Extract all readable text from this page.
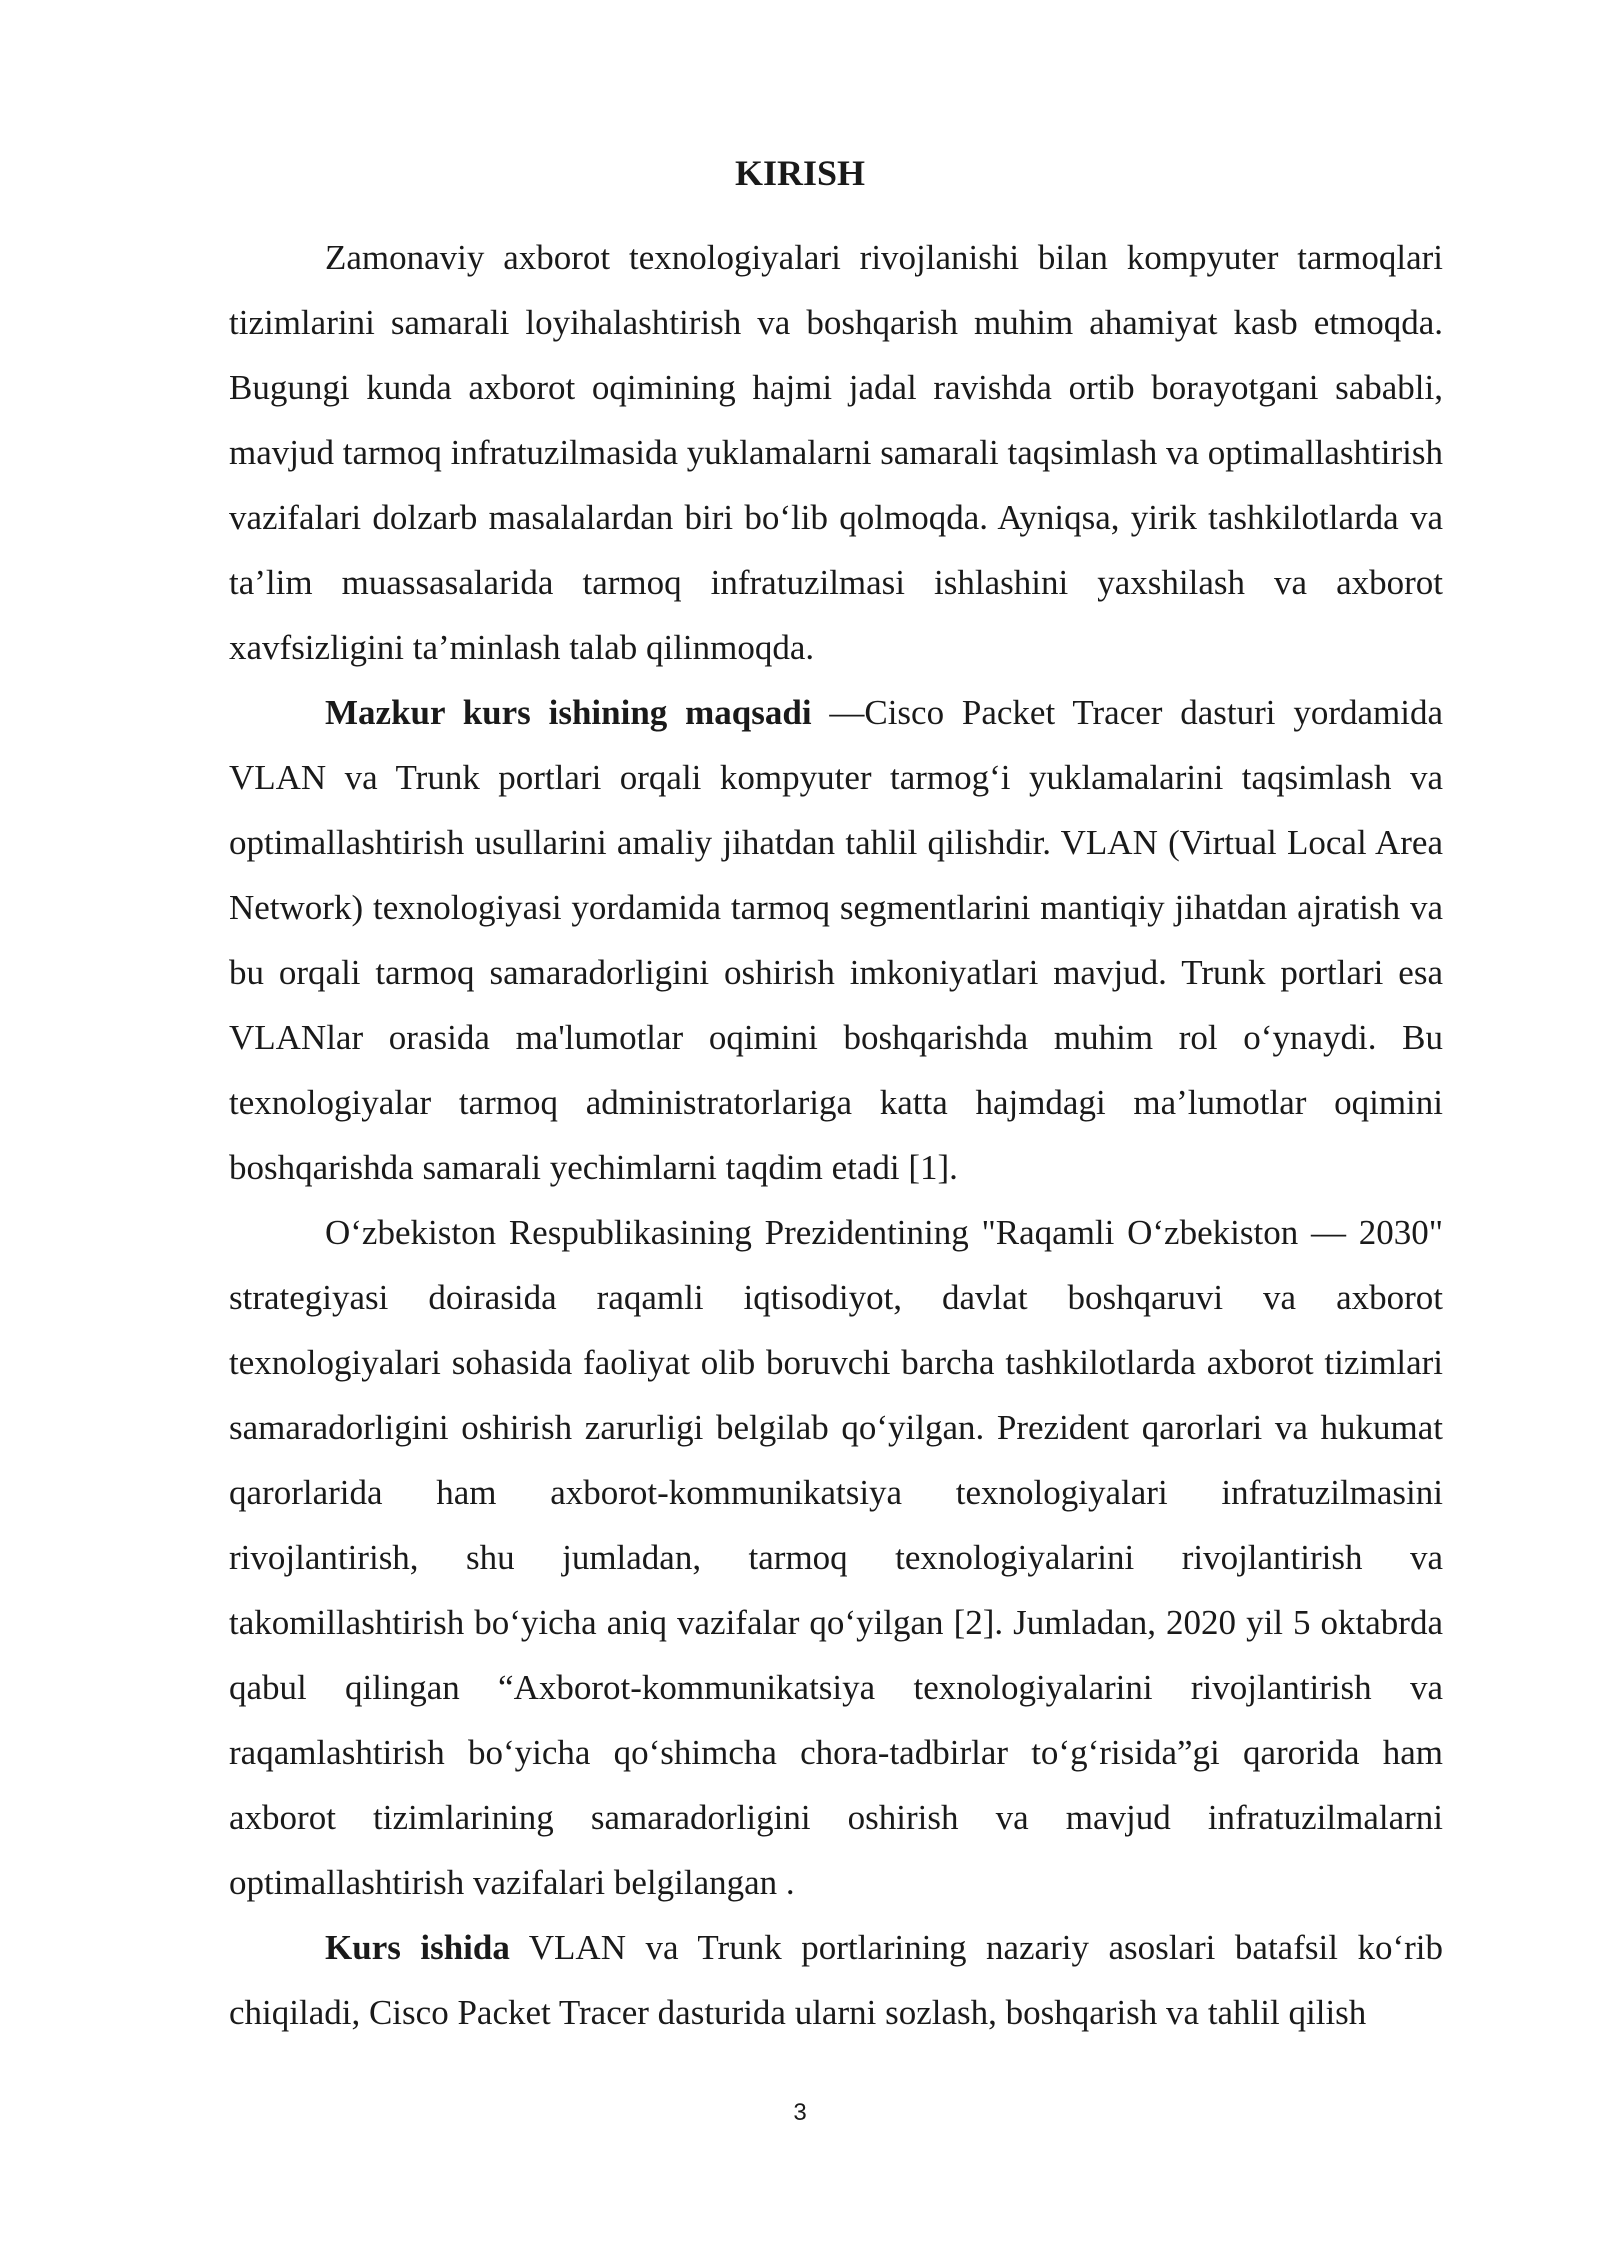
KIRISH

Zamonaviy axborot texnologiyalari rivojlanishi bilan kompyuter tarmoqlari tizimlarini samarali loyihalashtirish va boshqarish muhim ahamiyat kasb etmoqda. Bugungi kunda axborot oqimining hajmi jadal ravishda ortib borayotgani sababli, mavjud tarmoq infratuzilmasida yuklamalarni samarali taqsimlash va optimallashtirish vazifalari dolzarb masalalardan biri bo‘lib qolmoqda. Ayniqsa, yirik tashkilotlarda va ta’lim muassasalarida tarmoq infratuzilmasi ishlashini yaxshilash va axborot xavfsizligini ta’minlash talab qilinmoqda.

Mazkur kurs ishining maqsadi —Cisco Packet Tracer dasturi yordamida VLAN va Trunk portlari orqali kompyuter tarmog‘i yuklamalarini taqsimlash va optimallashtirish usullarini amaliy jihatdan tahlil qilishdir. VLAN (Virtual Local Area Network) texnologiyasi yordamida tarmoq segmentlarini mantiqiy jihatdan ajratish va bu orqali tarmoq samaradorligini oshirish imkoniyatlari mavjud. Trunk portlari esa VLANlar orasida ma'lumotlar oqimini boshqarishda muhim rol o‘ynaydi. Bu texnologiyalar tarmoq administratorlariga katta hajmdagi ma’lumotlar oqimini boshqarishda samarali yechimlarni taqdim etadi [1].

O‘zbekiston Respublikasining Prezidentining "Raqamli O‘zbekiston — 2030" strategiyasi doirasida raqamli iqtisodiyot, davlat boshqaruvi va axborot texnologiyalari sohasida faoliyat olib boruvchi barcha tashkilotlarda axborot tizimlari samaradorligini oshirish zarurligi belgilab qo‘yilgan. Prezident qarorlari va hukumat qarorlarida ham axborot-kommunikatsiya texnologiyalari infratuzilmasini rivojlantirish, shu jumladan, tarmoq texnologiyalarini rivojlantirish va takomillashtirish bo‘yicha aniq vazifalar qo‘yilgan [2]. Jumladan, 2020 yil 5 oktabrda qabul qilingan “Axborot-kommunikatsiya texnologiyalarini rivojlantirish va raqamlashtirish bo‘yicha qo‘shimcha chora-tadbirlar to‘g‘risida”gi qarorida ham axborot tizimlarining samaradorligini oshirish va mavjud infratuzilmalarni optimallashtirish vazifalari belgilangan .

Kurs ishida VLAN va Trunk portlarining nazariy asoslari batafsil ko‘rib chiqiladi, Cisco Packet Tracer dasturida ularni sozlash, boshqarish va tahlil qilish

3
